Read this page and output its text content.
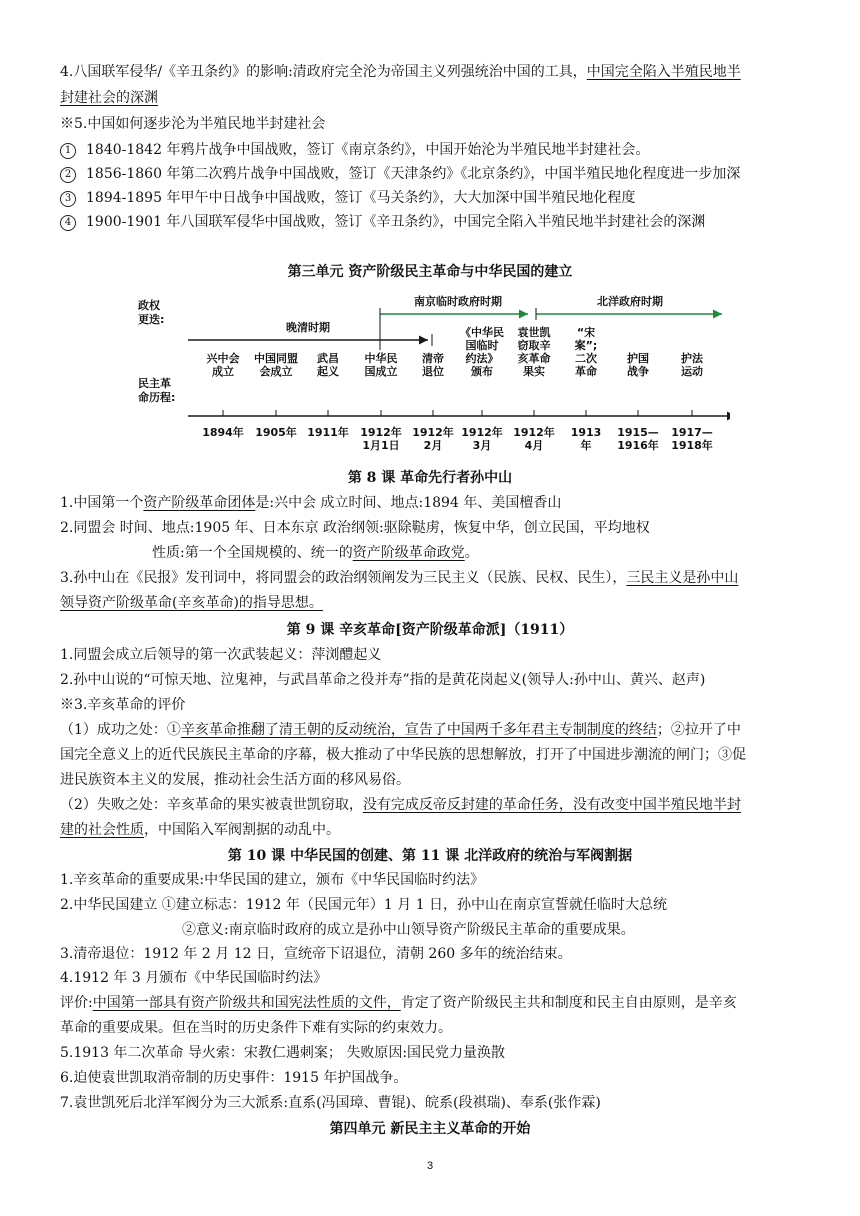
4.八国联军侵华/《辛丑条约》的影响:清政府完全沦为帝国主义列强统治中国的工具，中国完全陷入半殖民地半
封建社会的深渊
※5.中国如何逐步沦为半殖民地半封建社会
1 1840-1842 年鸦片战争中国战败，签订《南京条约》，中国开始沦为半殖民地半封建社会。
2 1856-1860 年第二次鸦片战争中国战败，签订《天津条约》《北京条约》，中国半殖民地化程度进一步加深
3 1894-1895 年甲午中日战争中国战败，签订《马关条约》，大大加深中国半殖民地化程度
4 1900-1901 年八国联军侵华中国战败，签订《辛丑条约》，中国完全陷入半殖民地半封建社会的深渊
第三单元 资产阶级民主革命与中华民国的建立
政权更迭:
民主革命历程:
晚清时期
南京临时政府时期	北洋政府时期
兴中会成立
1894年
中国同盟会成立
1905年
武昌起义
1911年
中华民国成立
1912年 1月1日
清帝退位
1912年 2月
《中华民国临时约法》颁布
1912年 3月
袁世凯窃取辛亥革命果实
1912年 4月
“宋案”;二次革命
1913 年
护国战争
1915— 1916年
护法运动
1917— 1918年
第 8 课 革命先行者孙中山
1.中国第一个资产阶级革命团体是:兴中会 成立时间、地点:1894 年、美国檀香山
2.同盟会 时间、地点:1905 年、日本东京 政治纲领:驱除鞑虏，恢复中华，创立民国，平均地权
性质:第一个全国规模的、统一的资产阶级革命政党。
3.孙中山在《民报》发刊词中，将同盟会的政治纲领阐发为三民主义（民族、民权、民生），三民主义是孙中山
领导资产阶级革命(辛亥革命)的指导思想。
第 9 课 辛亥革命[资产阶级革命派]（1911）
1.同盟会成立后领导的第一次武装起义：萍浏醴起义
2.孙中山说的“可惊天地、泣鬼神，与武昌革命之役并寿”指的是黄花岗起义(领导人:孙中山、黄兴、赵声)
※3.辛亥革命的评价
（1）成功之处：①辛亥革命推翻了清王朝的反动统治，宣告了中国两千多年君主专制制度的终结；②拉开了中
国完全意义上的近代民族民主革命的序幕，极大推动了中华民族的思想解放，打开了中国进步潮流的闸门；③促
进民族资本主义的发展，推动社会生活方面的移风易俗。
（2）失败之处：辛亥革命的果实被袁世凯窃取，没有完成反帝反封建的革命任务，没有改变中国半殖民地半封
建的社会性质，中国陷入军阀割据的动乱中。
第 10 课 中华民国的创建、第 11 课 北洋政府的统治与军阀割据
1.辛亥革命的重要成果:中华民国的建立，颁布《中华民国临时约法》
2.中华民国建立 ①建立标志：1912 年（民国元年）1 月 1 日，孙中山在南京宣誓就任临时大总统
②意义:南京临时政府的成立是孙中山领导资产阶级民主革命的重要成果。
3.清帝退位：1912 年 2 月 12 日，宣统帝下诏退位，清朝 260 多年的统治结束。
4.1912 年 3 月颁布《中华民国临时约法》
评价:中国第一部具有资产阶级共和国宪法性质的文件，肯定了资产阶级民主共和制度和民主自由原则，是辛亥
革命的重要成果。但在当时的历史条件下难有实际的约束效力。
5.1913 年二次革命 导火索：宋教仁遇刺案； 失败原因:国民党力量涣散
6.迫使袁世凯取消帝制的历史事件：1915 年护国战争。
7.袁世凯死后北洋军阀分为三大派系:直系(冯国璋、曹锟)、皖系(段祺瑞)、奉系(张作霖)
第四单元 新民主主义革命的开始
3
